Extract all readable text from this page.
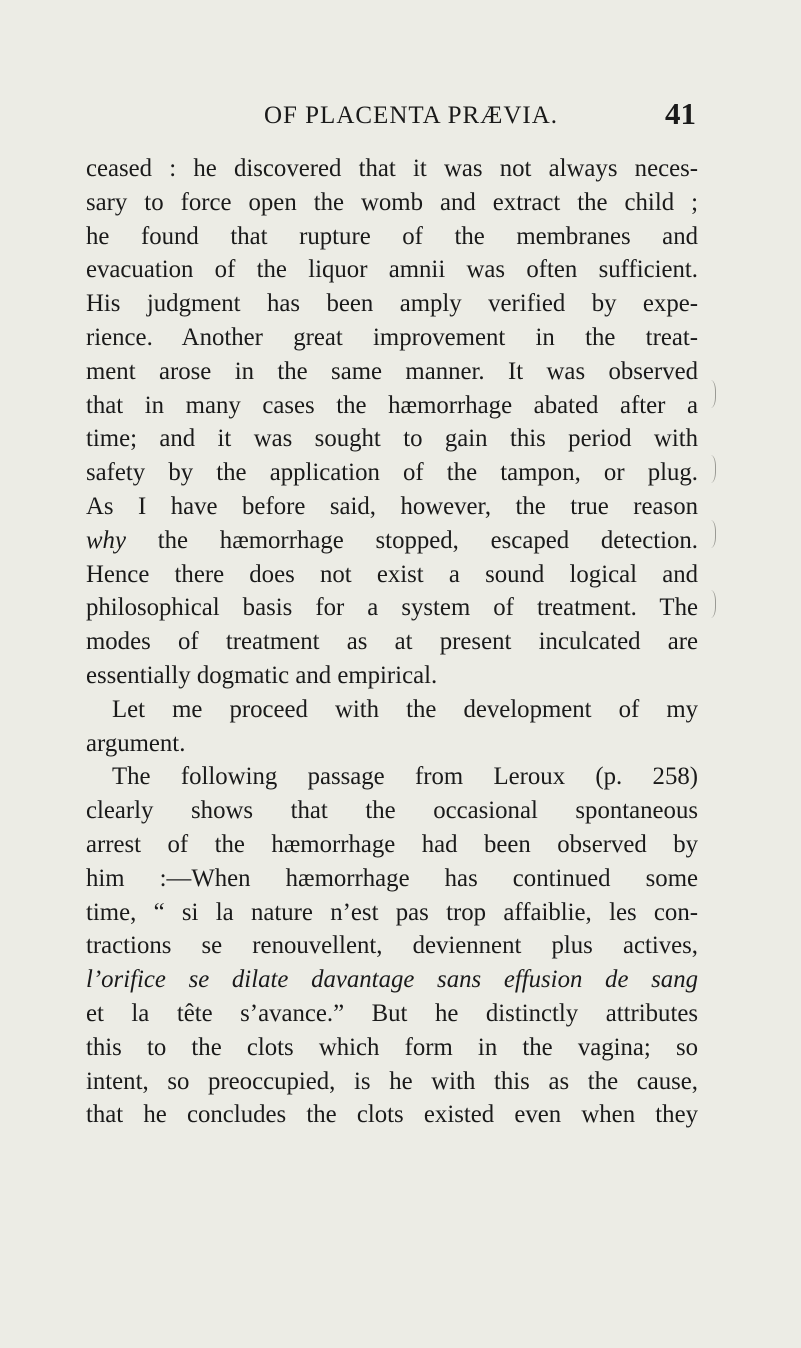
OF PLACENTA PRÆVIA.	41
ceased : he discovered that it was not always neces-
sary to force open the womb and extract the child ;
he found that rupture of the membranes and
evacuation of the liquor amnii was often sufficient.
His judgment has been amply verified by expe-
rience. Another great improvement in the treat-
ment arose in the same manner. It was observed
that in many cases the hæmorrhage abated after a
time; and it was sought to gain this period with
safety by the application of the tampon, or plug.
As I have before said, however, the true reason
why the hæmorrhage stopped, escaped detection.
Hence there does not exist a sound logical and
philosophical basis for a system of treatment. The
modes of treatment as at present inculcated are
essentially dogmatic and empirical.
Let me proceed with the development of my
argument.
The following passage from Leroux (p. 258)
clearly shows that the occasional spontaneous
arrest of the hæmorrhage had been observed by
him :—When hæmorrhage has continued some
time, “ si la nature n’est pas trop affaiblie, les con-
tractions se renouvellent, deviennent plus actives,
l’orifice se dilate davantage sans effusion de sang
et la tête s’avance.” But he distinctly attributes
this to the clots which form in the vagina; so
intent, so preoccupied, is he with this as the cause,
that he concludes the clots existed even when they
